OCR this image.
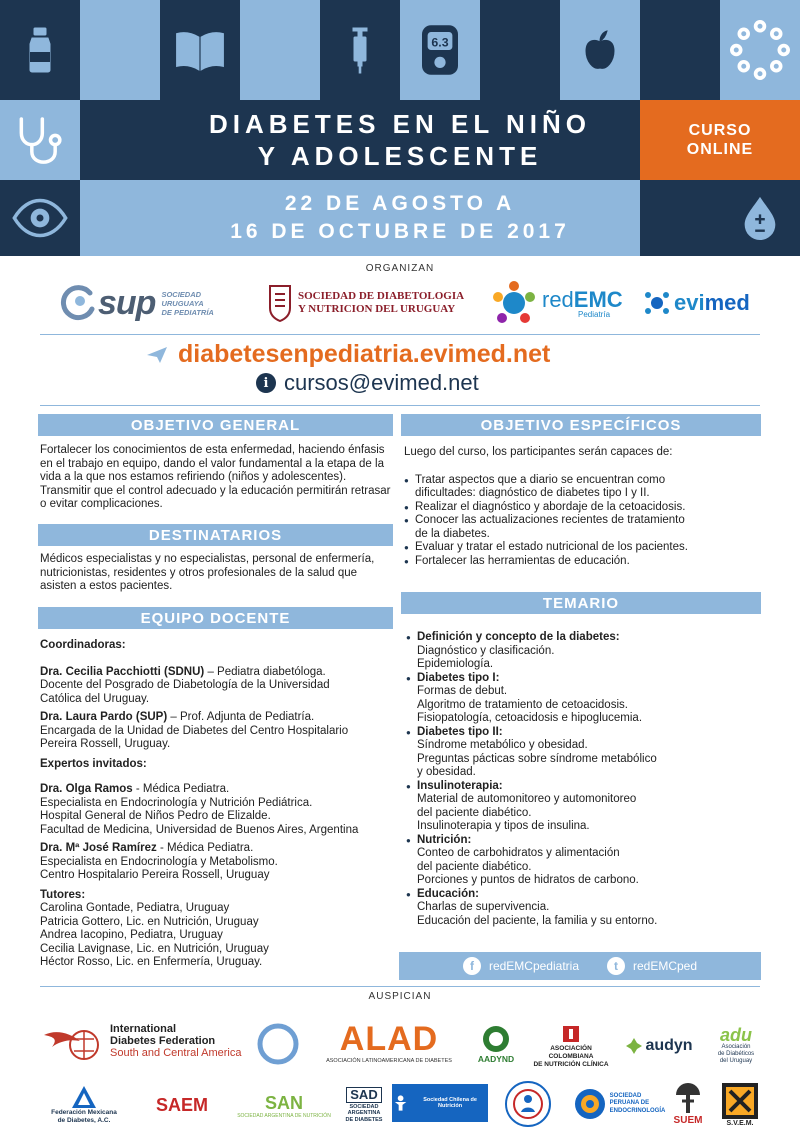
6.3
DIABETES EN EL NIÑO
Y ADOLESCENTE
CURSO
ONLINE
22 DE AGOSTO A
16 DE OCTUBRE DE 2017
ORGANIZAN
sup SOCIEDAD
URUGUAYA
DE PEDIATRÍA
SOCIEDAD DE DIABETOLOGIA
Y NUTRICION DEL URUGUAY	redEMC
Pediatría	evi med
diabetesenpediatria.evimed.net
i cursos@evimed.net
OBJETIVO GENERAL
Fortalecer los conocimientos de esta enfermedad, haciendo énfasis en el trabajo en equipo, dando el valor fundamental a la etapa de la vida a la que nos estamos refiriendo (niños y adolescentes). Transmitir que el control adecuado y la educación permitirán retrasar o evitar complicaciones.
DESTINATARIOS
Médicos especialistas y no especialistas, personal de enfermería, nutricionistas, residentes y otros profesionales de la salud que asisten a estos pacientes.
EQUIPO DOCENTE
Coordinadoras:
Dra. Cecilia Pacchiotti (SDNU) – Pediatra diabetóloga.
Docente del Posgrado de Diabetología de la Universidad
Católica del Uruguay.
Dra. Laura Pardo (SUP) – Prof. Adjunta de Pediatría.
Encargada de la Unidad de Diabetes del Centro Hospitalario
Pereira Rossell, Uruguay.
Expertos invitados:
Dra. Olga Ramos - Médica Pediatra.
Especialista en Endocrinología y Nutrición Pediátrica.
Hospital General de Niños Pedro de Elizalde.
Facultad de Medicina, Universidad de Buenos Aires, Argentina
Dra. Mª José Ramírez - Médica Pediatra.
Especialista en Endocrinología y Metabolismo.
Centro Hospitalario Pereira Rossell, Uruguay
Tutores:
Carolina Gontade, Pediatra, Uruguay
Patricia Gottero, Lic. en Nutrición, Uruguay
Andrea Iacopino, Pediatra, Uruguay
Cecilia Lavignase, Lic. en Nutrición, Uruguay
Héctor Rosso, Lic. en Enfermería, Uruguay.
OBJETIVO ESPECÍFICOS
Luego del curso, los participantes serán capaces de:
● Tratar aspectos que a diario se encuentran como
dificultades: diagnóstico de diabetes tipo I y II.
● Realizar el diagnóstico y abordaje de la cetoacidosis.
● Conocer las actualizaciones recientes de tratamiento
de la diabetes.
● Evaluar y tratar el estado nutricional de los pacientes.
● Fortalecer las herramientas de educación.
TEMARIO
● Definición y concepto de la diabetes:
Diagnóstico y clasificación.
Epidemiología.
● Diabetes tipo I:
Formas de debut.
Algoritmo de tratamiento de cetoacidosis.
Fisiopatología, cetoacidosis e hipoglucemia.
● Diabetes tipo II:
Síndrome metabólico y obesidad.
Preguntas pácticas sobre síndrome metabólico
y obesidad.
● Insulinoterapia:
Material de automonitoreo y automonitoreo
del paciente diabético.
Insulinoterapia y tipos de insulina.
● Nutrición:
Conteo de carbohidratos y alimentación
del paciente diabético.
Porciones y puntos de hidratos de carbono.
● Educación:
Charlas de supervivencia.
Educación del paciente, la familia y su entorno.
f	redEMCpediatria	t	redEMCped
AUSPICIAN
International
Diabetes Federation
South and Central America	ALAD
ASOCIACIÓN LATINOAMERICANA DE DIABETES	AADYND
ASOCIACIÓN COLOMBIANA
DE NUTRICIÓN CLÍNICA
audyn
adu
Asociación
de Diabéticos
del Uruguay
Federación Mexicana
de Diabetes, A.C.
SAEM	SAN
SOCIEDAD ARGENTINA DE NUTRICIÓN
SAD
SOCIEDAD
ARGENTINA
DE DIABETES
Sociedad Chilena de Nutrición
SOCIEDAD
PERUANA DE
ENDOCRINOLOGÍA
SUEM	S.V.E.M.
